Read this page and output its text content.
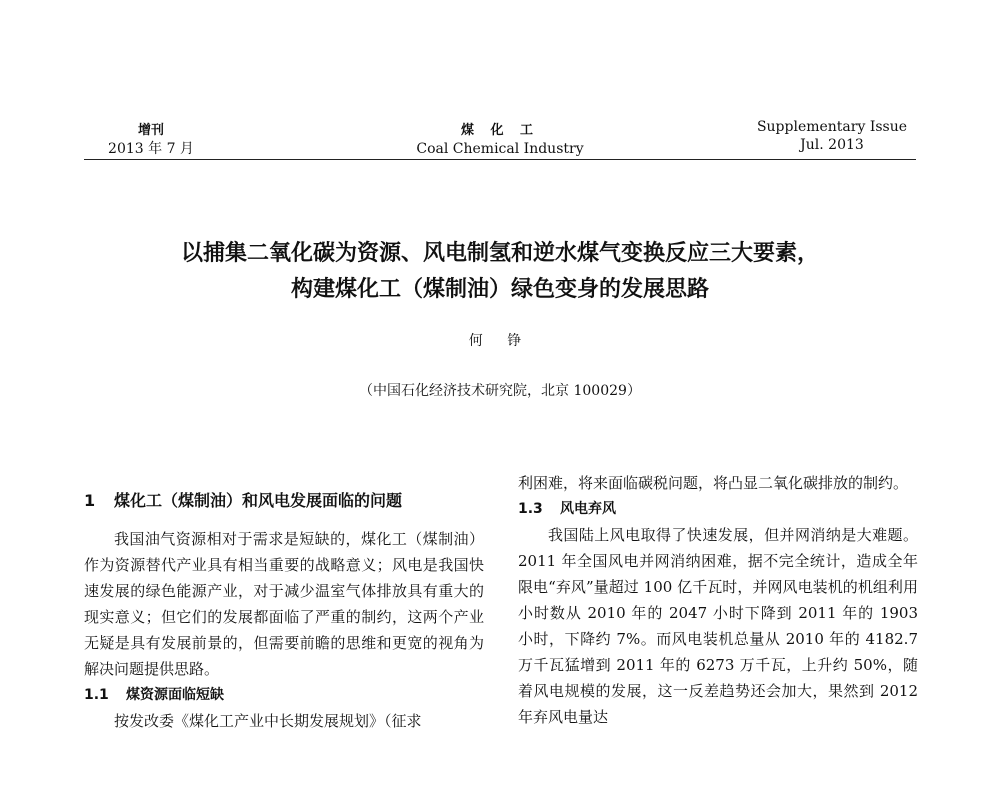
增刊
2013 年 7 月
煤 化 工
Coal Chemical Industry
Supplementary Issue
Jul. 2013
以捕集二氧化碳为资源、风电制氢和逆水煤气变换反应三大要素，
构建煤化工（煤制油）绿色变身的发展思路
何 铮
（中国石化经济技术研究院，北京 100029）

1 煤化工（煤制油）和风电发展面临的问题

我国油气资源相对于需求是短缺的，煤化工（煤制油）作为资源替代产业具有相当重要的战略意义；风电是我国快速发展的绿色能源产业，对于减少温室气体排放具有重大的现实意义；但它们的发展都面临了严重的制约，这两个产业无疑是具有发展前景的，但需要前瞻的思维和更宽的视角为解决问题提供思路。

1.1 煤资源面临短缺

按发改委《煤化工产业中长期发展规划》（征求

利困难，将来面临碳税问题，将凸显二氧化碳排放的制约。

1.3 风电弃风

我国陆上风电取得了快速发展，但并网消纳是大难题。2011 年全国风电并网消纳困难，据不完全统计，造成全年限电“弃风”量超过 100 亿千瓦时，并网风电装机的机组利用小时数从 2010 年的 2047 小时下降到 2011 年的 1903 小时，下降约 7%。而风电装机总量从 2010 年的 4182.7 万千瓦猛增到 2011 年的 6273 万千瓦，上升约 50%，随着风电规模的发展，这一反差趋势还会加大，果然到 2012 年弃风电量达
